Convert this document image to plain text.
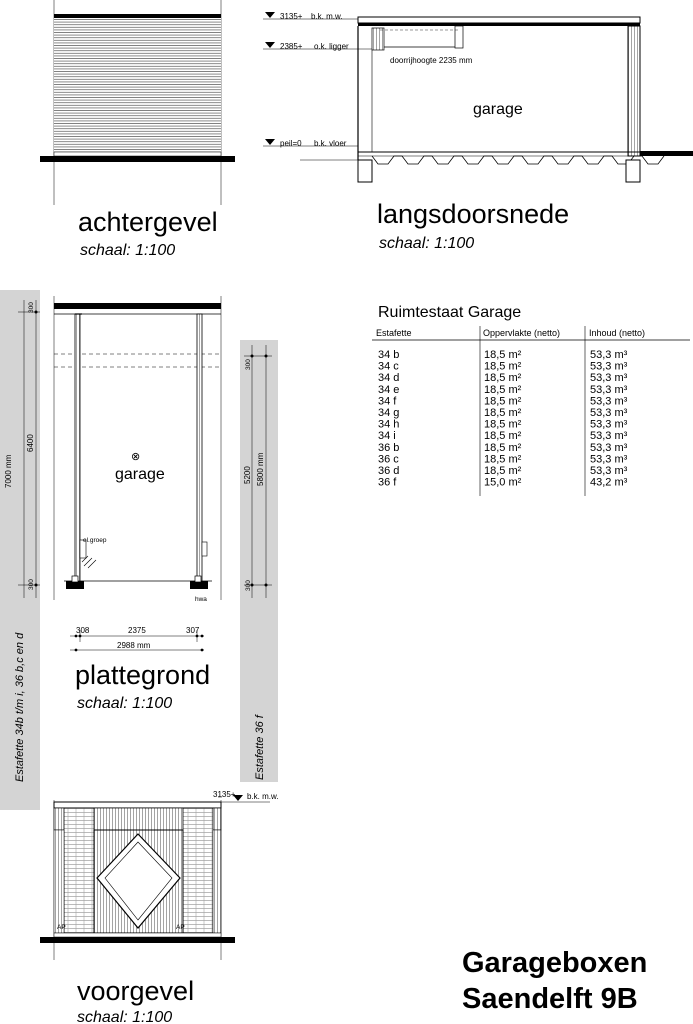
achtergevel
schaal: 1:100
3135+ b.k. m.w.
2385+ o.k. ligger
peil=0 b.k. vloer
doorrijhoogte 2235 mm
garage
langsdoorsnede
schaal: 1:100
Estafette 34b t/m i, 36 b,c en d	Estafette 36 f
7000 mm
6400
300
300
5800 mm
5200
300
300
⊗
garage
el.groep
hwa
308	2375	307
2988 mm
plattegrond
schaal: 1:100
3135+ b.k. m.w.
AP	AP
voorgevel
schaal: 1:100
Ruimtestaat Garage
Estafette	Oppervlakte (netto)	Inhoud (netto)
34 b	18,5 m²	53,3 m³
34 c	18,5 m²	53,3 m³
34 d	18,5 m²	53,3 m³
34 e	18,5 m²	53,3 m³
34 f	18,5 m²	53,3 m³
34 g	18,5 m²	53,3 m³
34 h	18,5 m²	53,3 m³
34 i	18,5 m²	53,3 m³
36 b	18,5 m²	53,3 m³
36 c	18,5 m²	53,3 m³
36 d	18,5 m²	53,3 m³
36 f	15,0 m²	43,2 m³
Garageboxen
Saendelft 9B
